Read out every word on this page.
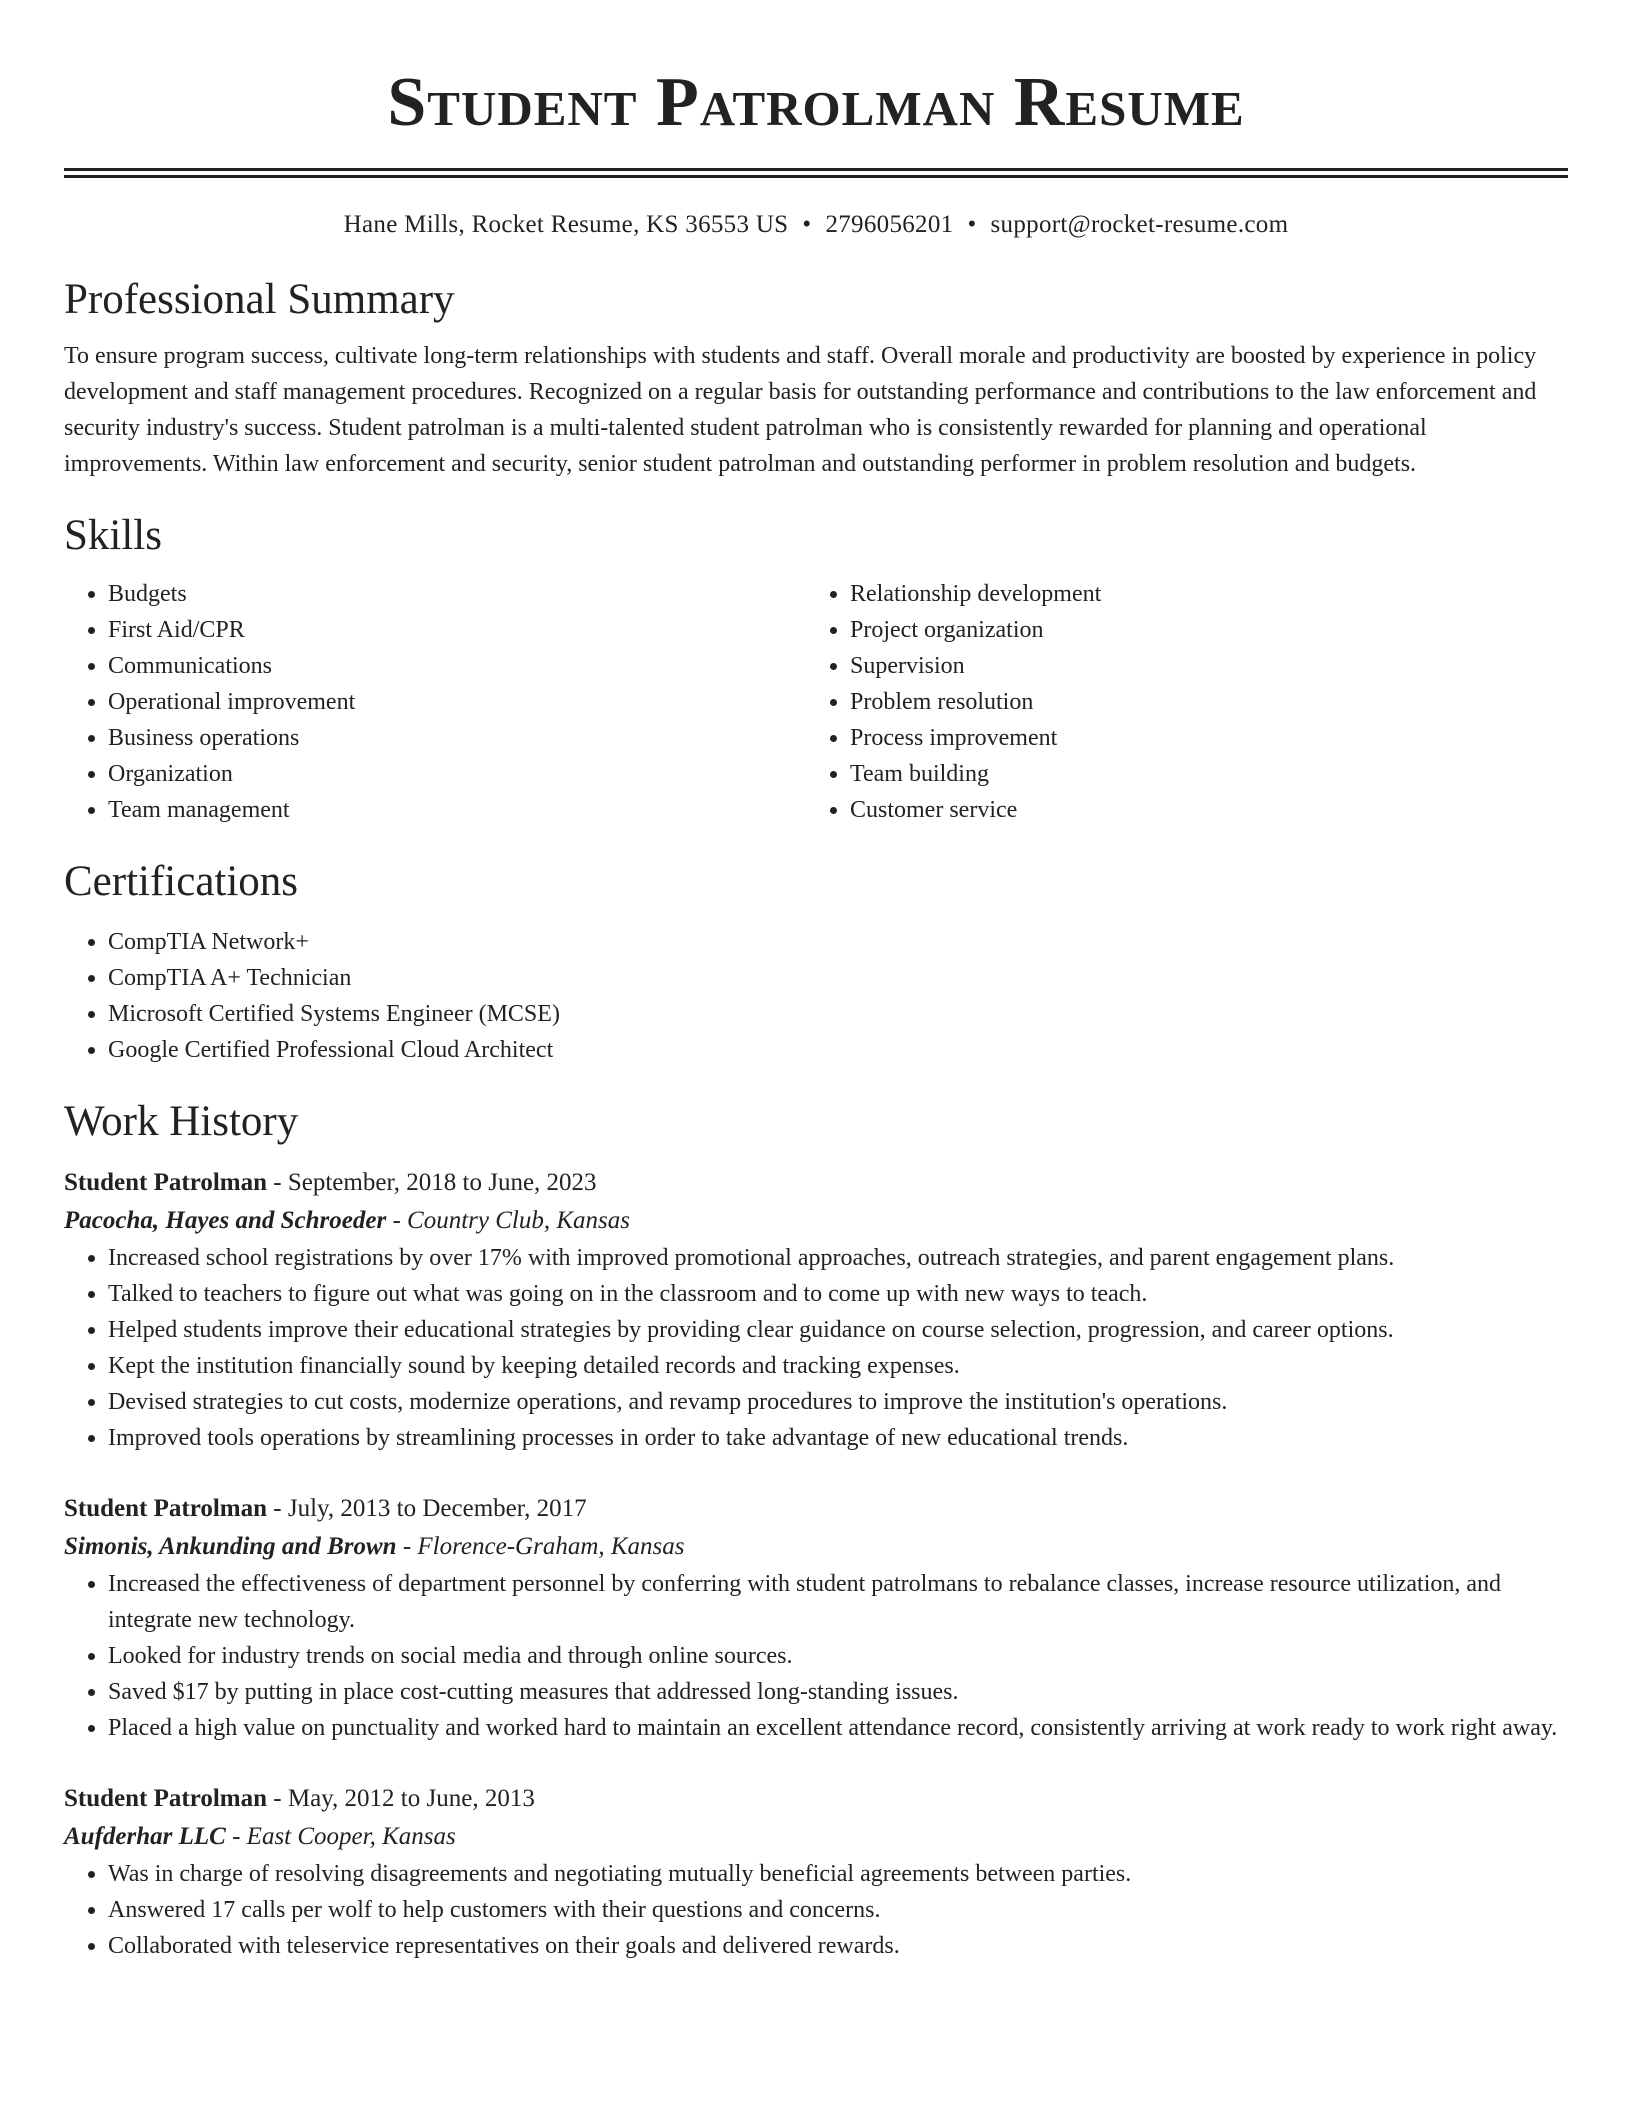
Student Patrolman Resume
Hane Mills, Rocket Resume, KS 36553 US • 2796056201 • support@rocket-resume.com
Professional Summary

To ensure program success, cultivate long-term relationships with students and staff. Overall morale and productivity are boosted by experience in policy development and staff management procedures. Recognized on a regular basis for outstanding performance and contributions to the law enforcement and security industry's success. Student patrolman is a multi-talented student patrolman who is consistently rewarded for planning and operational improvements. Within law enforcement and security, senior student patrolman and outstanding performer in problem resolution and budgets.

Skills
• Budgets
• First Aid/CPR
• Communications
• Operational improvement
• Business operations
• Organization
• Team management
• Relationship development
• Project organization
• Supervision
• Problem resolution
• Process improvement
• Team building
• Customer service
Certifications
• CompTIA Network+
• CompTIA A+ Technician
• Microsoft Certified Systems Engineer (MCSE)
• Google Certified Professional Cloud Architect
Work History

Student Patrolman - September, 2018 to June, 2023

Pacocha, Hayes and Schroeder - Country Club, Kansas

• Increased school registrations by over 17% with improved promotional approaches, outreach strategies, and parent engagement plans.
• Talked to teachers to figure out what was going on in the classroom and to come up with new ways to teach.
• Helped students improve their educational strategies by providing clear guidance on course selection, progression, and career options.
• Kept the institution financially sound by keeping detailed records and tracking expenses.
• Devised strategies to cut costs, modernize operations, and revamp procedures to improve the institution's operations.
• Improved tools operations by streamlining processes in order to take advantage of new educational trends.

Student Patrolman - July, 2013 to December, 2017

Simonis, Ankunding and Brown - Florence-Graham, Kansas

• Increased the effectiveness of department personnel by conferring with student patrolmans to rebalance classes, increase resource utilization, and integrate new technology.
• Looked for industry trends on social media and through online sources.
• Saved $17 by putting in place cost-cutting measures that addressed long-standing issues.
• Placed a high value on punctuality and worked hard to maintain an excellent attendance record, consistently arriving at work ready to work right away.

Student Patrolman - May, 2012 to June, 2013

Aufderhar LLC - East Cooper, Kansas

• Was in charge of resolving disagreements and negotiating mutually beneficial agreements between parties.
• Answered 17 calls per wolf to help customers with their questions and concerns.
• Collaborated with teleservice representatives on their goals and delivered rewards.
